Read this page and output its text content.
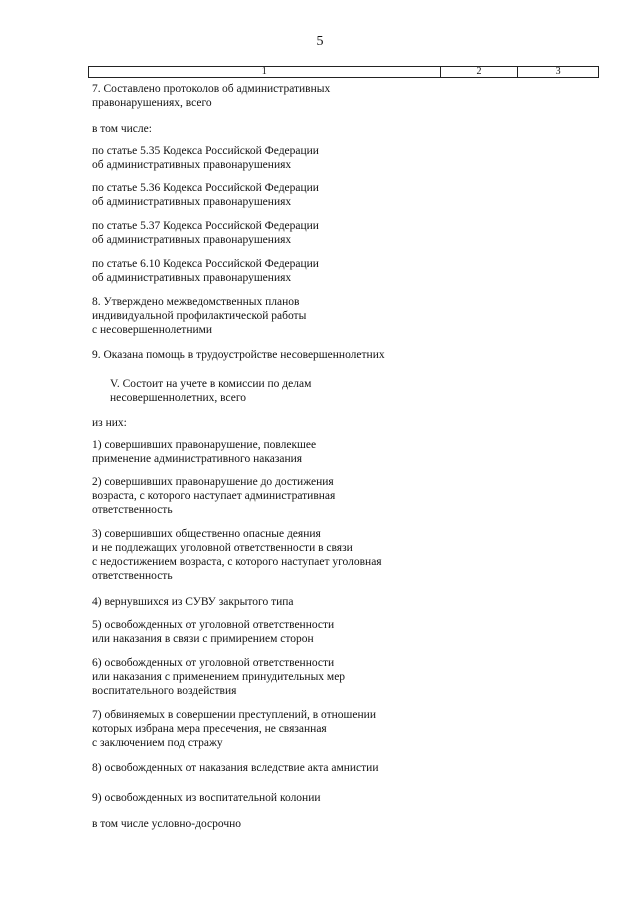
5
1	2	3
7. Составлено протоколов об административных
правонарушениях, всего
в том числе:
по статье 5.35 Кодекса Российской Федерации
об административных правонарушениях
по статье 5.36 Кодекса Российской Федерации
об административных правонарушениях
по статье 5.37 Кодекса Российской Федерации
об административных правонарушениях
по статье 6.10 Кодекса Российской Федерации
об административных правонарушениях
8. Утверждено межведомственных планов
индивидуальной профилактической работы
с несовершеннолетними
9. Оказана помощь в трудоустройстве несовершеннолетних
V. Состоит на учете в комиссии по делам
несовершеннолетних, всего
из них:
1) совершивших правонарушение, повлекшее
применение административного наказания
2) совершивших правонарушение до достижения
возраста, с которого наступает административная
ответственность
3) совершивших общественно опасные деяния
и не подлежащих уголовной ответственности в связи
с недостижением возраста, с которого наступает уголовная
ответственность
4) вернувшихся из СУВУ закрытого типа
5) освобожденных от уголовной ответственности
или наказания в связи с примирением сторон
6) освобожденных от уголовной ответственности
или наказания с применением принудительных мер
воспитательного воздействия
7) обвиняемых в совершении преступлений, в отношении
которых избрана мера пресечения, не связанная
с заключением под стражу
8) освобожденных от наказания вследствие акта амнистии
9) освобожденных из воспитательной колонии
в том числе условно-досрочно
